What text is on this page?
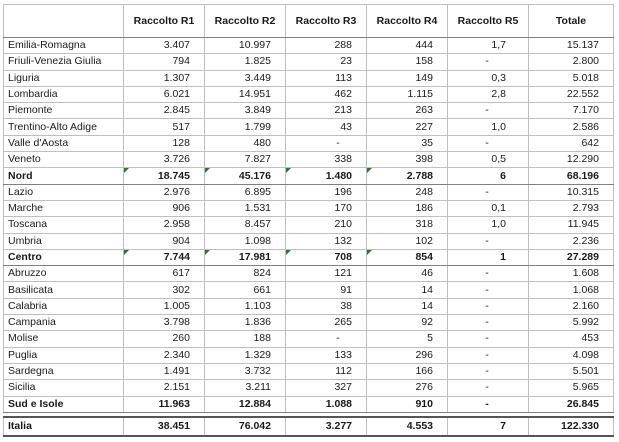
	Raccolto R1	Raccolto R2	Raccolto R3	Raccolto R4	Raccolto R5	Totale
Emilia-Romagna	3.407	10.997	288	444	1,7	15.137
Friuli-Venezia Giulia	794	1.825	23	158	-	2.800
Liguria	1.307	3.449	113	149	0,3	5.018
Lombardia	6.021	14.951	462	1.115	2,8	22.552
Piemonte	2.845	3.849	213	263	-	7.170
Trentino-Alto Adige	517	1.799	43	227	1,0	2.586
Valle d'Aosta	128	480	-	35	-	642
Veneto	3.726	7.827	338	398	0,5	12.290
Nord	18.745	45.176	1.480	2.788	6	68.196
Lazio	2.976	6.895	196	248	-	10.315
Marche	906	1.531	170	186	0,1	2.793
Toscana	2.958	8.457	210	318	1,0	11.945
Umbria	904	1.098	132	102	-	2.236
Centro	7.744	17.981	708	854	1	27.289
Abruzzo	617	824	121	46	-	1.608
Basilicata	302	661	91	14	-	1.068
Calabria	1.005	1.103	38	14	-	2.160
Campania	3.798	1.836	265	92	-	5.992
Molise	260	188	-	5	-	453
Puglia	2.340	1.329	133	296	-	4.098
Sardegna	1.491	3.732	112	166	-	5.501
Sicilia	2.151	3.211	327	276	-	5.965
Sud e Isole	11.963	12.884	1.088	910	-	26.845

Italia	38.451	76.042	3.277	4.553	7	122.330
